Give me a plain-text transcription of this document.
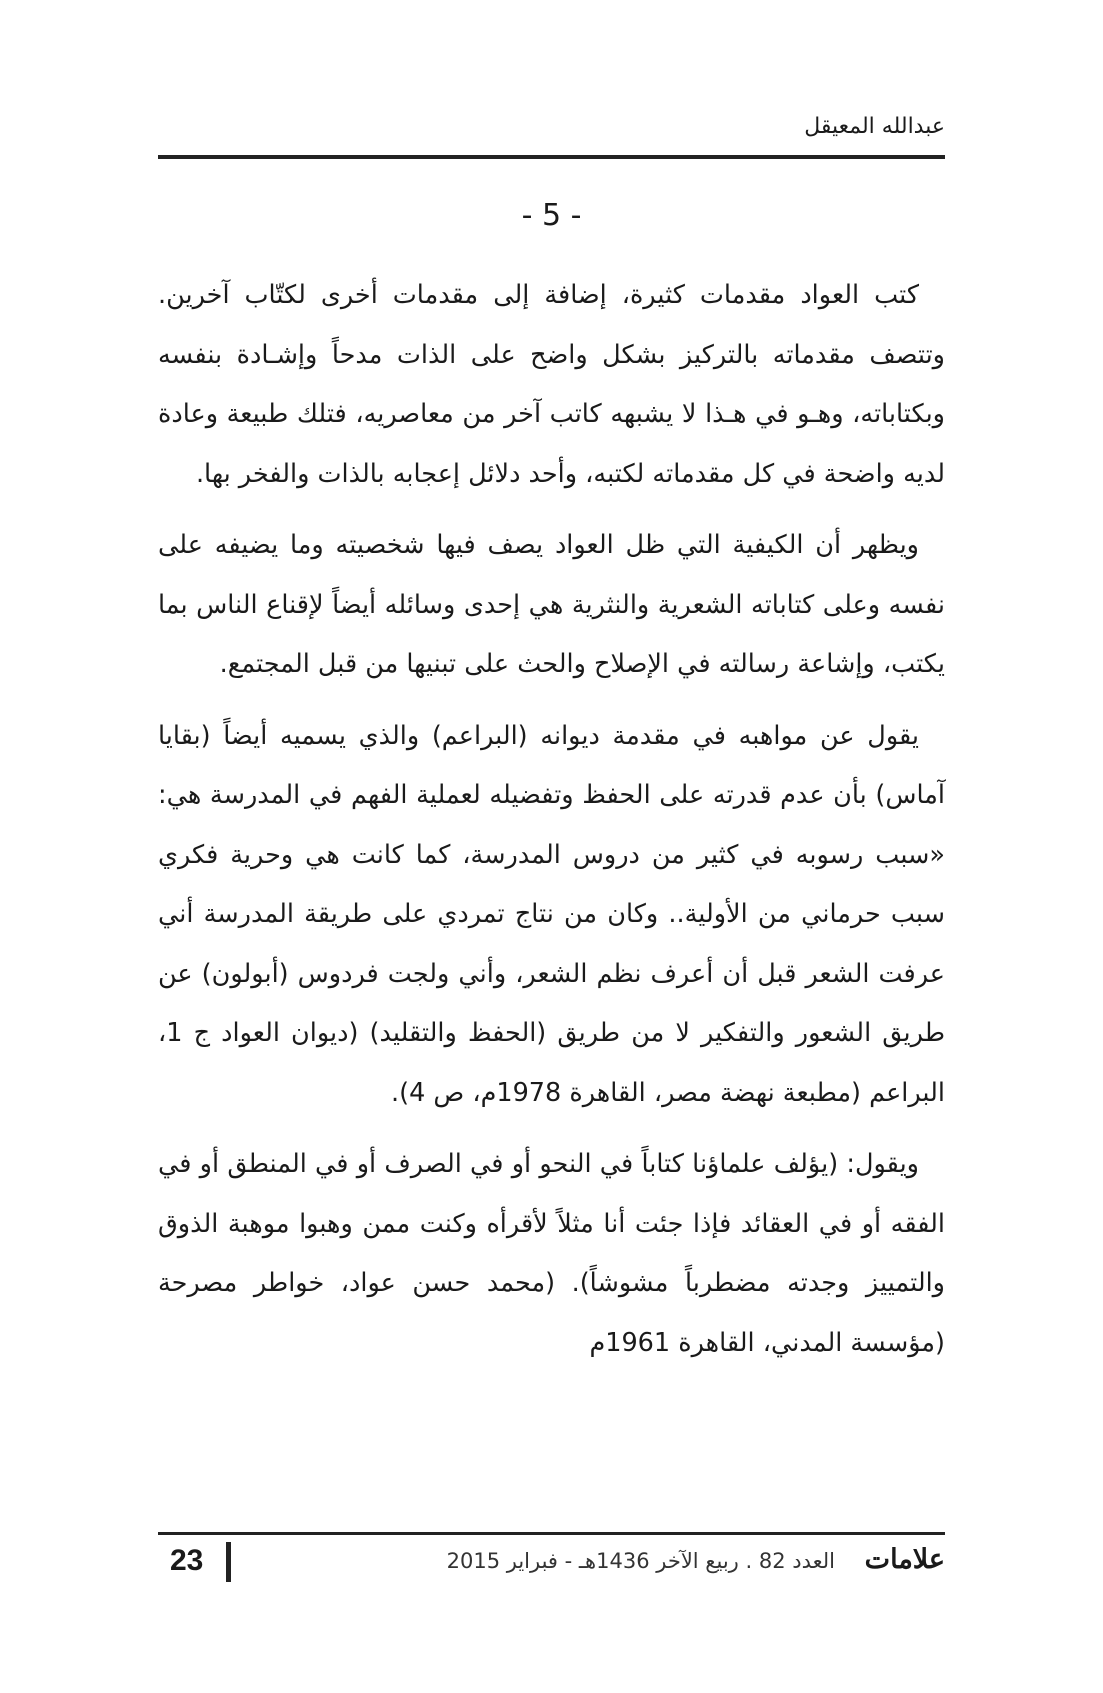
عبدالله المعيقل
- 5 -

كتب العواد مقدمات كثيرة، إضافة إلى مقدمات أخرى لكتّاب آخرين. وتتصف مقدماته بالتركيز بشكل واضح على الذات مدحاً وإشـادة بنفسه وبكتاباته، وهـو في هـذا لا يشبهه كاتب آخر من معاصريه، فتلك طبيعة وعادة لديه واضحة في كل مقدماته لكتبه، وأحد دلائل إعجابه بالذات والفخر بها.

ويظهر أن الكيفية التي ظل العواد يصف فيها شخصيته وما يضيفه على نفسه وعلى كتاباته الشعرية والنثرية هي إحدى وسائله أيضاً لإقناع الناس بما يكتب، وإشاعة رسالته في الإصلاح والحث على تبنيها من قبل المجتمع.

يقول عن مواهبه في مقدمة ديوانه (البراعم) والذي يسميه أيضاً (بقايا آماس) بأن عدم قدرته على الحفظ وتفضيله لعملية الفهم في المدرسة هي: «سبب رسوبه في كثير من دروس المدرسة، كما كانت هي وحرية فكري سبب حرماني من الأولية.. وكان من نتاج تمردي على طريقة المدرسة أني عرفت الشعر قبل أن أعرف نظم الشعر، وأني ولجت فردوس (أبولون) عن طريق الشعور والتفكير لا من طريق (الحفظ والتقليد) (ديوان العواد ج 1، البراعم (مطبعة نهضة مصر، القاهرة 1978م، ص 4).

ويقول: (يؤلف علماؤنا كتاباً في النحو أو في الصرف أو في المنطق أو في الفقه أو في العقائد فإذا جئت أنا مثلاً لأقرأه وكنت ممن وهبوا موهبة الذوق والتمييز وجدته مضطرباً مشوشاً). (محمد حسن عواد، خواطر مصرحة (مؤسسة المدني، القاهرة 1961م

علامات
العدد 82 . ربيع الآخر 1436هـ - فبراير 2015
23
